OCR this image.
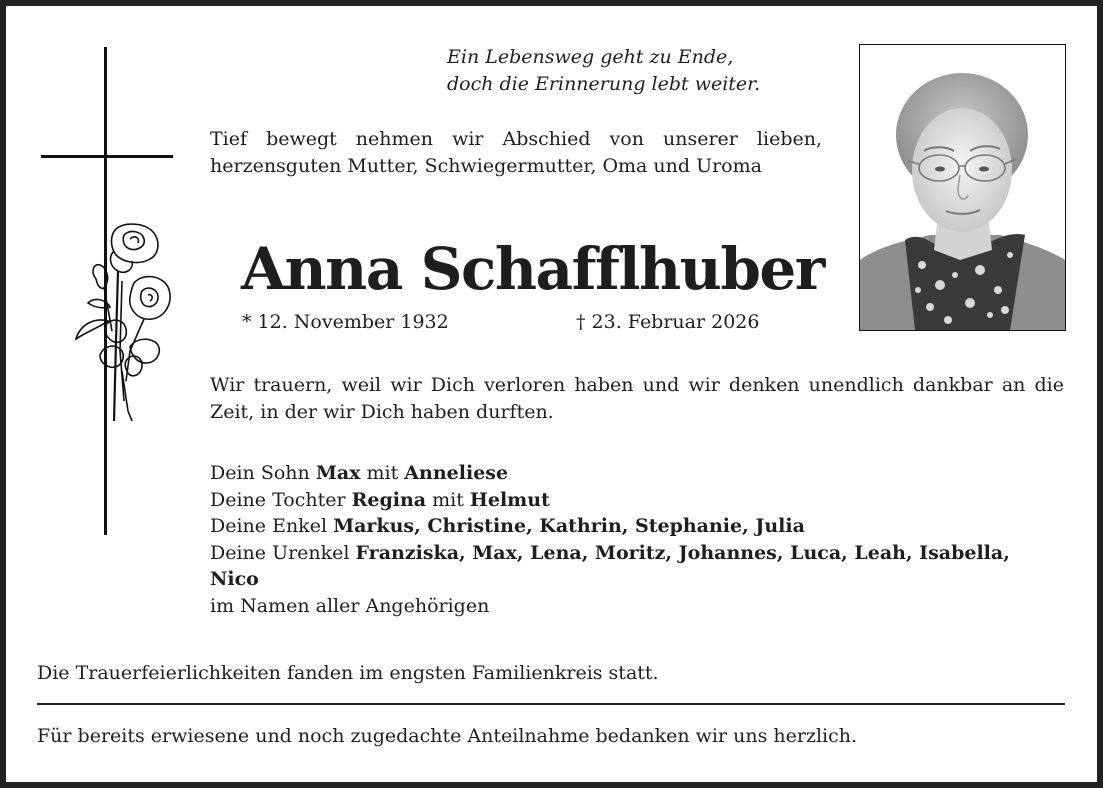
Ein Lebensweg geht zu Ende,
doch die Erinnerung lebt weiter.
Tief bewegt nehmen wir Abschied von unserer lieben, herzensguten Mutter, Schwiegermutter, Oma und Uroma
Anna Schafflhuber
* 12. November 1932	† 23. Februar 2026
Wir trauern, weil wir Dich verloren haben und wir denken unendlich dankbar an die Zeit, in der wir Dich haben durften.
Dein Sohn Max mit Anneliese
Deine Tochter Regina mit Helmut
Deine Enkel Markus, Christine, Kathrin, Stephanie, Julia
Deine Urenkel Franziska, Max, Lena, Moritz, Johannes, Luca, Leah, Isabella, Nico
im Namen aller Angehörigen
Die Trauerfeierlichkeiten fanden im engsten Familienkreis statt.
Für bereits erwiesene und noch zugedachte Anteilnahme bedanken wir uns herzlich.
